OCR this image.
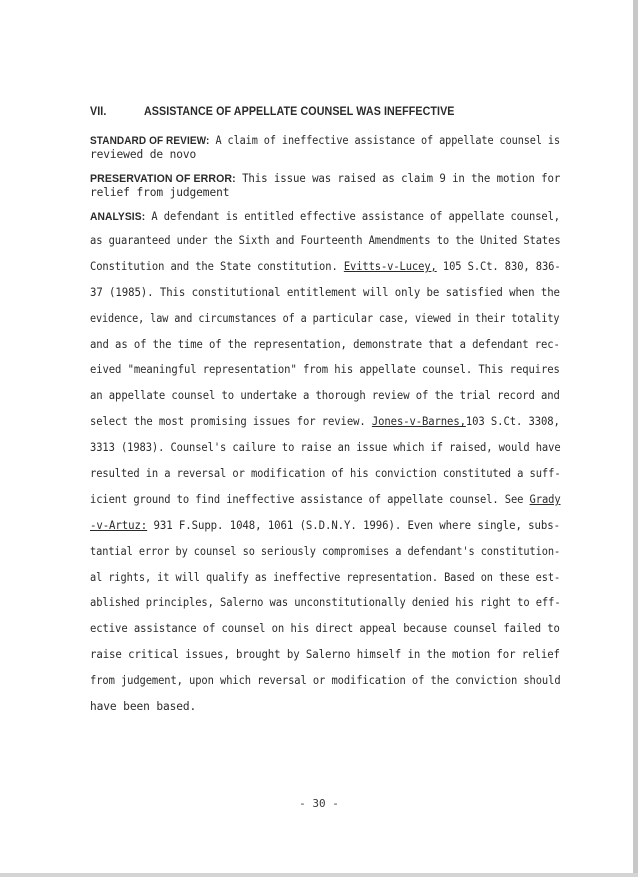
VII.	ASSISTANCE OF APPELLATE COUNSEL WAS INEFFECTIVE
STANDARD OF REVIEW: A claim of ineffective assistance of appellate counsel is
reviewed de novo
PRESERVATION OF ERROR: This issue was raised as claim 9 in the motion for
relief from judgement
ANALYSIS: A defendant is entitled effective assistance of appellate counsel,
as guaranteed under the Sixth and Fourteenth Amendments to the United States
Constitution and the State constitution. Evitts-v-Lucey, 105 S.Ct. 830, 836-
37 (1985). This constitutional entitlement will only be satisfied when the
evidence, law and circumstances of a particular case, viewed in their totality
and as of the time of the representation, demonstrate that a defendant rec-
eived "meaningful representation" from his appellate counsel. This requires
an appellate counsel to undertake a thorough review of the trial record and
select the most promising issues for review. Jones-v-Barnes,103 S.Ct. 3308,
3313 (1983). Counsel's cailure to raise an issue which if raised, would have
resulted in a reversal or modification of his conviction constituted a suff-
icient ground to find ineffective assistance of appellate counsel. See Grady
-v-Artuz: 931 F.Supp. 1048, 1061 (S.D.N.Y. 1996). Even where single, subs-
tantial error by counsel so seriously compromises a defendant's constitution-
al rights, it will qualify as ineffective representation. Based on these est-
ablished principles, Salerno was unconstitutionally denied his right to eff-
ective assistance of counsel on his direct appeal because counsel failed to
raise critical issues, brought by Salerno himself in the motion for relief
from judgement, upon which reversal or modification of the conviction should
have been based.
- 30 -
